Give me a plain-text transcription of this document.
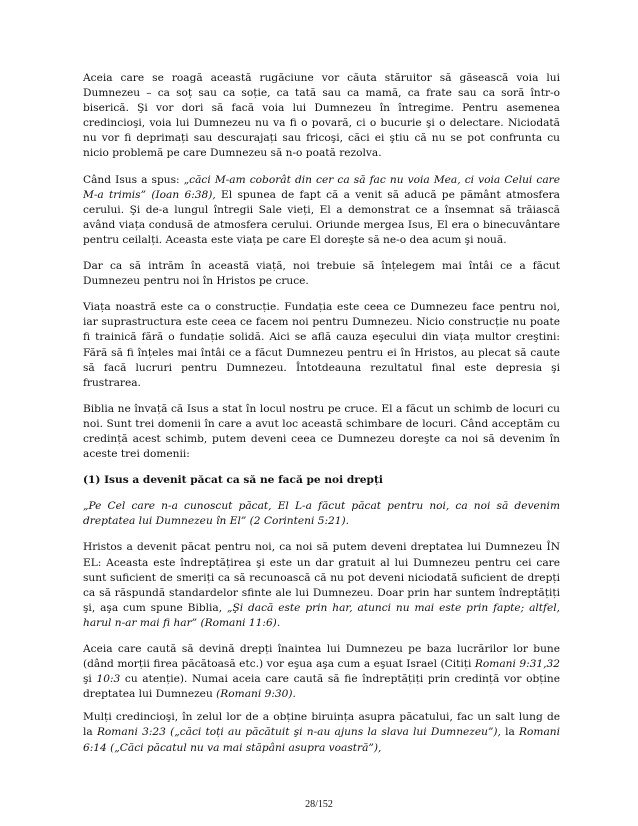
Aceia care se roagă această rugăciune vor căuta stăruitor să găsească voia lui Dumnezeu – ca soț sau ca soție, ca tată sau ca mamă, ca frate sau ca soră într-o biserică. Şi vor dori să facă voia lui Dumnezeu în întregime. Pentru asemenea credincioşi, voia lui Dumnezeu nu va fi o povară, ci o bucurie şi o delectare. Niciodată nu vor fi deprimați sau descurajați sau fricoşi, căci ei ştiu că nu se pot confrunta cu nicio problemă pe care Dumnezeu să n-o poată rezolva.

Când Isus a spus: „căci M-am coborât din cer ca să fac nu voia Mea, ci voia Celui care M-a trimis” (Ioan 6:38), El spunea de fapt că a venit să aducă pe pământ atmosfera cerului. Şi de-a lungul întregii Sale vieți, El a demonstrat ce a însemnat să trăiască având viața condusă de atmosfera cerului. Oriunde mergea Isus, El era o binecuvântare pentru ceilalți. Aceasta este viața pe care El doreşte să ne-o dea acum şi nouă.

Dar ca să intrăm în această viață, noi trebuie să înțelegem mai întâi ce a făcut Dumnezeu pentru noi în Hristos pe cruce.

Viața noastră este ca o construcție. Fundația este ceea ce Dumnezeu face pentru noi, iar suprastructura este ceea ce facem noi pentru Dumnezeu. Nicio construcție nu poate fi trainică fără o fundație solidă. Aici se află cauza eşecului din viața multor creştini: Fără să fi înțeles mai întâi ce a făcut Dumnezeu pentru ei în Hristos, au plecat să caute să facă lucruri pentru Dumnezeu. Întotdeauna rezultatul final este depresia şi frustrarea.

Biblia ne învață că Isus a stat în locul nostru pe cruce. El a făcut un schimb de locuri cu noi. Sunt trei domenii în care a avut loc această schimbare de locuri. Când acceptăm cu credință acest schimb, putem deveni ceea ce Dumnezeu doreşte ca noi să devenim în aceste trei domenii:

(1) Isus a devenit păcat ca să ne facă pe noi drepți

„Pe Cel care n-a cunoscut păcat, El L-a făcut păcat pentru noi, ca noi să devenim dreptatea lui Dumnezeu în El” (2 Corinteni 5:21).

Hristos a devenit păcat pentru noi, ca noi să putem deveni dreptatea lui Dumnezeu ÎN EL: Aceasta este îndreptățirea şi este un dar gratuit al lui Dumnezeu pentru cei care sunt suficient de smeriți ca să recunoască că nu pot deveni niciodată suficient de drepți ca să răspundă standardelor sfinte ale lui Dumnezeu. Doar prin har suntem îndreptățiți şi, aşa cum spune Biblia, „Şi dacă este prin har, atunci nu mai este prin fapte; altfel, harul n-ar mai fi har” (Romani 11:6).

Aceia care caută să devină drepți înaintea lui Dumnezeu pe baza lucrărilor lor bune (dând morții firea păcătoasă etc.) vor eşua aşa cum a eşuat Israel (Citiți Romani 9:31,32 şi 10:3 cu atenție). Numai aceia care caută să fie îndreptățiți prin credință vor obține dreptatea lui Dumnezeu (Romani 9:30).

Mulți credincioşi, în zelul lor de a obține biruința asupra păcatului, fac un salt lung de la Romani 3:23 („căci toți au păcătuit şi n-au ajuns la slava lui Dumnezeu”), la Romani 6:14 („Căci păcatul nu va mai stăpâni asupra voastră”),

28/152
